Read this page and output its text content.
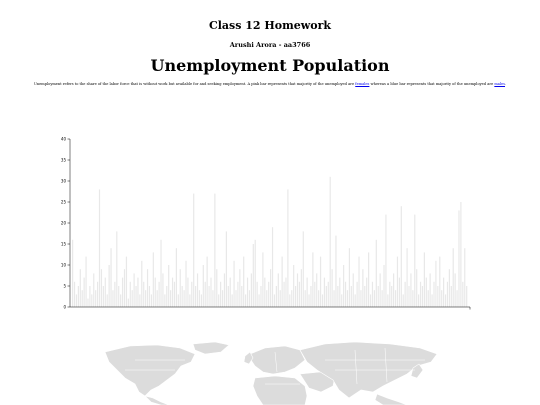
Class 12 Homework
Arushi Arora - aa3766
Unemployment Population
Unemployment refers to the share of the labor force that is without work but available for and seeking employment. A pink bar represents that majority of the unemployed are females whereas a blue bar represents that majority of the unemployed are males.
0
5
10
15
20
25
30
35
40
